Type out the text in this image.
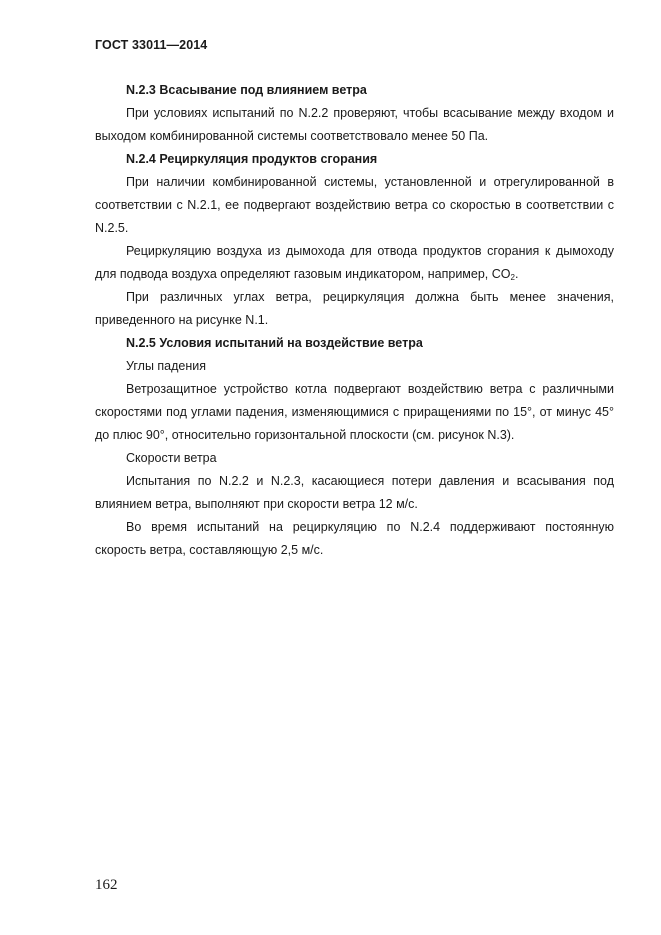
ГОСТ 33011—2014

N.2.3 Всасывание под влиянием ветра

При условиях испытаний по N.2.2 проверяют, чтобы всасывание между входом и выходом комбинированной системы соответствовало менее 50 Па.

N.2.4 Рециркуляция продуктов сгорания

При наличии комбинированной системы, установленной и отрегулированной в соответствии с N.2.1, ее подвергают воздействию ветра со скоростью в соответствии с N.2.5.

Рециркуляцию воздуха из дымохода для отвода продуктов сгорания к дымоходу для подвода воздуха определяют газовым индикатором, например, $CO_2$.

При различных углах ветра, рециркуляция должна быть менее значения, приведенного на рисунке N.1.

N.2.5 Условия испытаний на воздействие ветра

Углы падения

Ветрозащитное устройство котла подвергают воздействию ветра с различными скоростями под углами падения, изменяющимися с приращениями по 15°, от минус 45° до плюс 90°, относительно горизонтальной плоскости (см. рисунок N.3).

Скорости ветра

Испытания по N.2.2 и N.2.3, касающиеся потери давления и всасывания под влиянием ветра, выполняют при скорости ветра 12 м/с.

Во время испытаний на рециркуляцию по N.2.4 поддерживают постоянную скорость ветра, составляющую 2,5 м/с.

162
